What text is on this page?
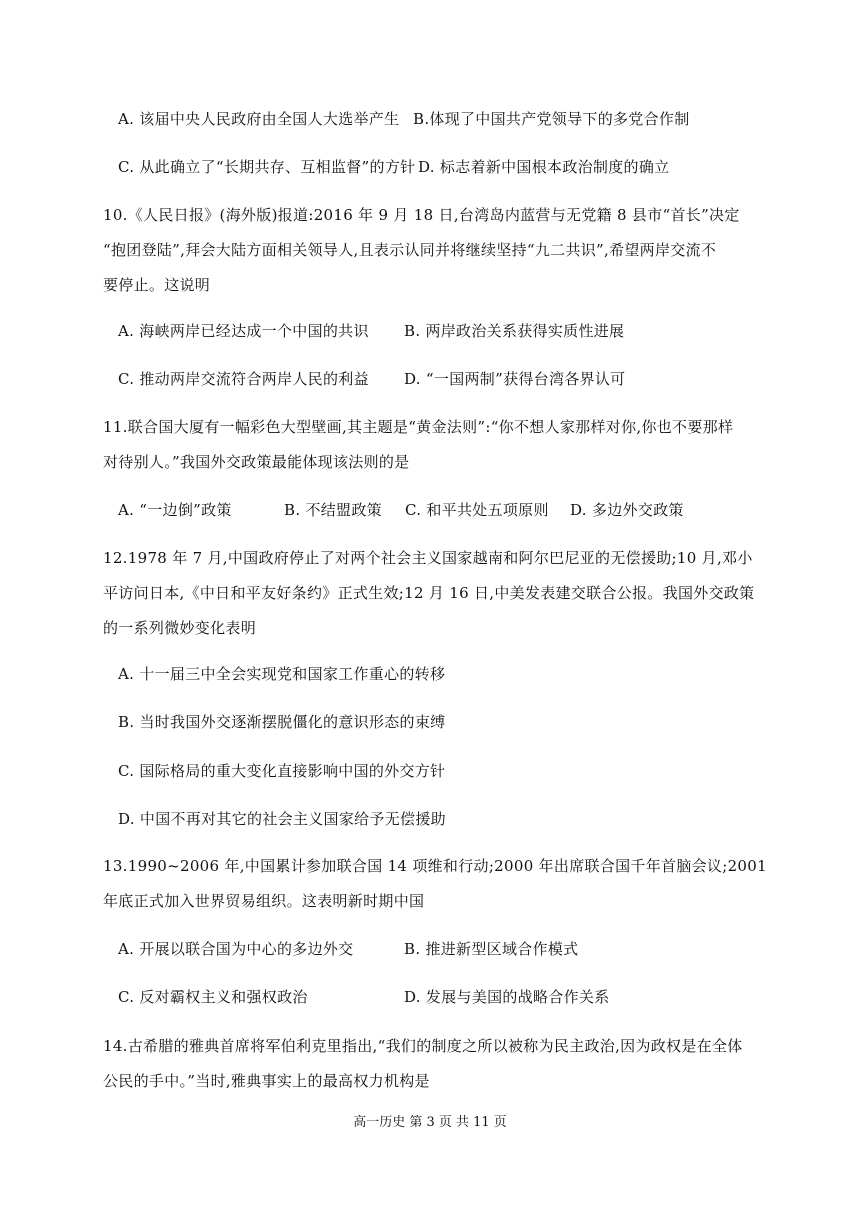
A. 该届中央人民政府由全国人大选举产生 B.体现了中国共产党领导下的多党合作制
C. 从此确立了“长期共存、互相监督”的方针 D. 标志着新中国根本政治制度的确立
10.《人民日报》(海外版)报道:2016 年 9 月 18 日,台湾岛内蓝营与无党籍 8 县市“首长”决定
“抱团登陆”,拜会大陆方面相关领导人,且表示认同并将继续坚持“九二共识”,希望两岸交流不
要停止。这说明
A. 海峡两岸已经达成一个中国的共识 B. 两岸政治关系获得实质性进展
C. 推动两岸交流符合两岸人民的利益 D. “一国两制”获得台湾各界认可
11.联合国大厦有一幅彩色大型壁画,其主题是“黄金法则”:“你不想人家那样对你,你也不要那样
对待别人。”我国外交政策最能体现该法则的是
A. “一边倒”政策	B. 不结盟政策 C. 和平共处五项原则 D. 多边外交政策
12.1978 年 7 月,中国政府停止了对两个社会主义国家越南和阿尔巴尼亚的无偿援助;10 月,邓小
平访问日本,《中日和平友好条约》正式生效;12 月 16 日,中美发表建交联合公报。我国外交政策
的一系列微妙变化表明
A. 十一届三中全会实现党和国家工作重心的转移
B. 当时我国外交逐渐摆脱僵化的意识形态的束缚
C. 国际格局的重大变化直接影响中国的外交方针
D. 中国不再对其它的社会主义国家给予无偿援助
13.1990~2006 年,中国累计参加联合国 14 项维和行动;2000 年出席联合国千年首脑会议;2001
年底正式加入世界贸易组织。这表明新时期中国
A. 开展以联合国为中心的多边外交	B. 推进新型区域合作模式
C. 反对霸权主义和强权政治	D. 发展与美国的战略合作关系
14.古希腊的雅典首席将军伯利克里指出,“我们的制度之所以被称为民主政治,因为政权是在全体
公民的手中。”当时,雅典事实上的最高权力机构是
高一历史 第 3 页 共 11 页
